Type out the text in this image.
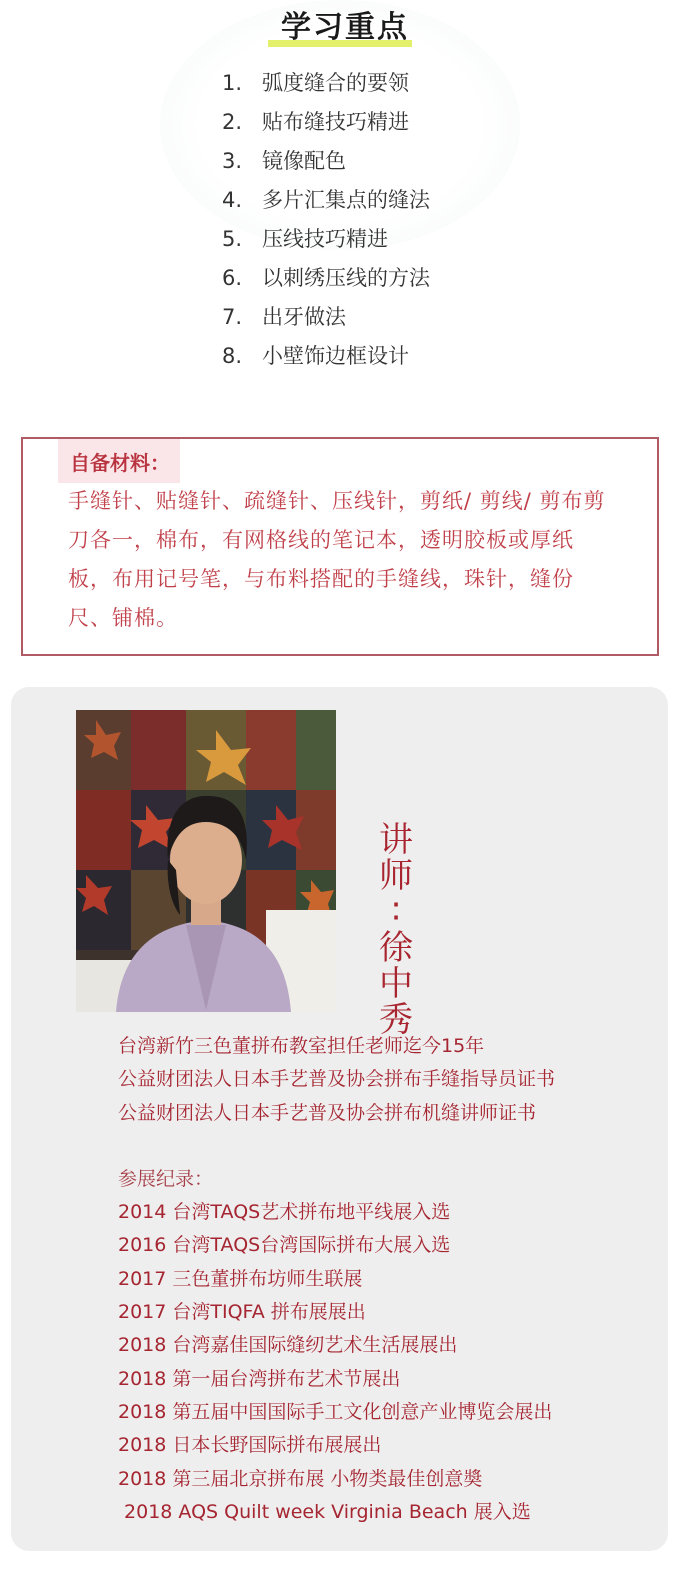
学习重点
1. 弧度缝合的要领
2. 贴布缝技巧精进
3. 镜像配色
4. 多片汇集点的缝法
5. 压线技巧精进
6. 以刺绣压线的方法
7. 出牙做法
8. 小壁饰边框设计
自备材料：
手缝针、贴缝针、疏缝针、压线针，剪纸/ 剪线/ 剪布剪
刀各一，棉布，有网格线的笔记本，透明胶板或厚纸
板，布用记号笔，与布料搭配的手缝线，珠针，缝份
尺、铺棉。
讲
师
∶
徐
中
秀
台湾新竹三色董拼布教室担任老师迄今15年
公益财团法人日本手艺普及协会拼布手缝指导员证书
公益财团法人日本手艺普及协会拼布机缝讲师证书
参展纪录：
2014 台湾TAQS艺术拼布地平线展入选
2016 台湾TAQS台湾国际拼布大展入选
2017 三色董拼布坊师生联展
2017 台湾TIQFA 拼布展展出
2018 台湾嘉佳国际缝纫艺术生活展展出
2018 第一届台湾拼布艺术节展出
2018 第五届中国国际手工文化创意产业博览会展出
2018 日本长野国际拼布展展出
2018 第三届北京拼布展 小物类最佳创意奬
2018 AQS Quilt week Virginia Beach 展入选
